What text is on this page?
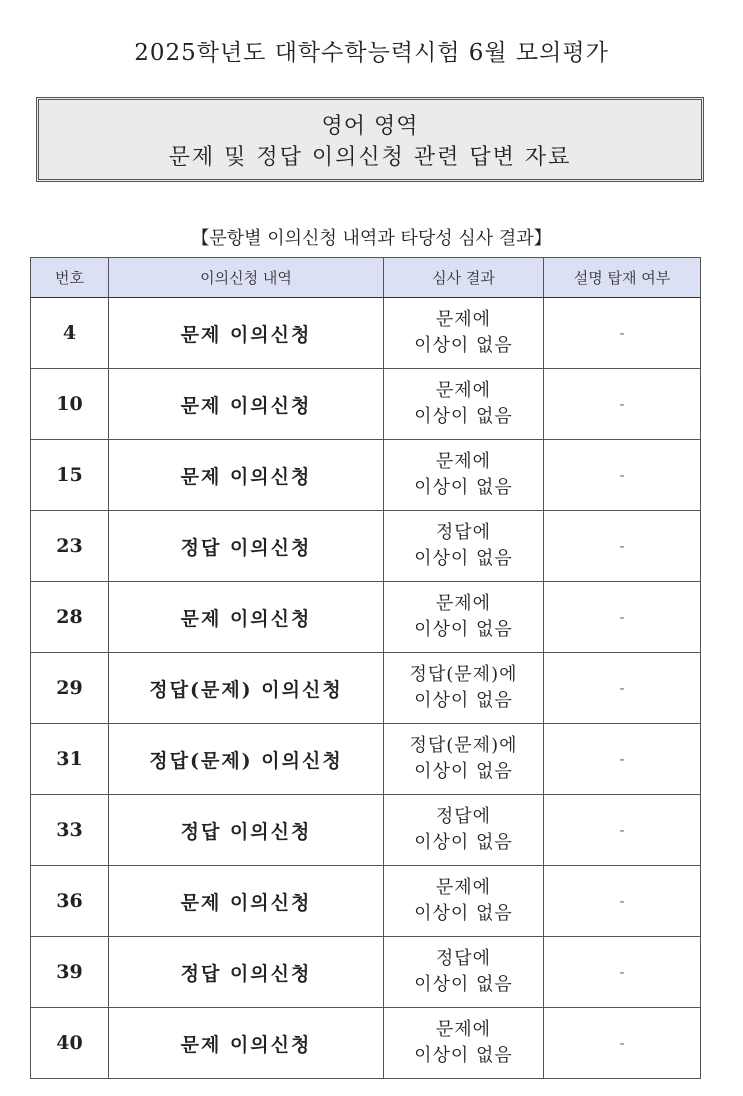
2025학년도 대학수학능력시험 6월 모의평가
영어 영역
문제 및 정답 이의신청 관련 답변 자료
【문항별 이의신청 내역과 타당성 심사 결과】
번호	이의신청 내역	심사 결과	설명 탑재 여부
4	문제 이의신청	문제에
이상이 없음	-
10	문제 이의신청	문제에
이상이 없음	-
15	문제 이의신청	문제에
이상이 없음	-
23	정답 이의신청	정답에
이상이 없음	-
28	문제 이의신청	문제에
이상이 없음	-
29	정답(문제) 이의신청	정답(문제)에
이상이 없음	-
31	정답(문제) 이의신청	정답(문제)에
이상이 없음	-
33	정답 이의신청	정답에
이상이 없음	-
36	문제 이의신청	문제에
이상이 없음	-
39	정답 이의신청	정답에
이상이 없음	-
40	문제 이의신청	문제에
이상이 없음	-
